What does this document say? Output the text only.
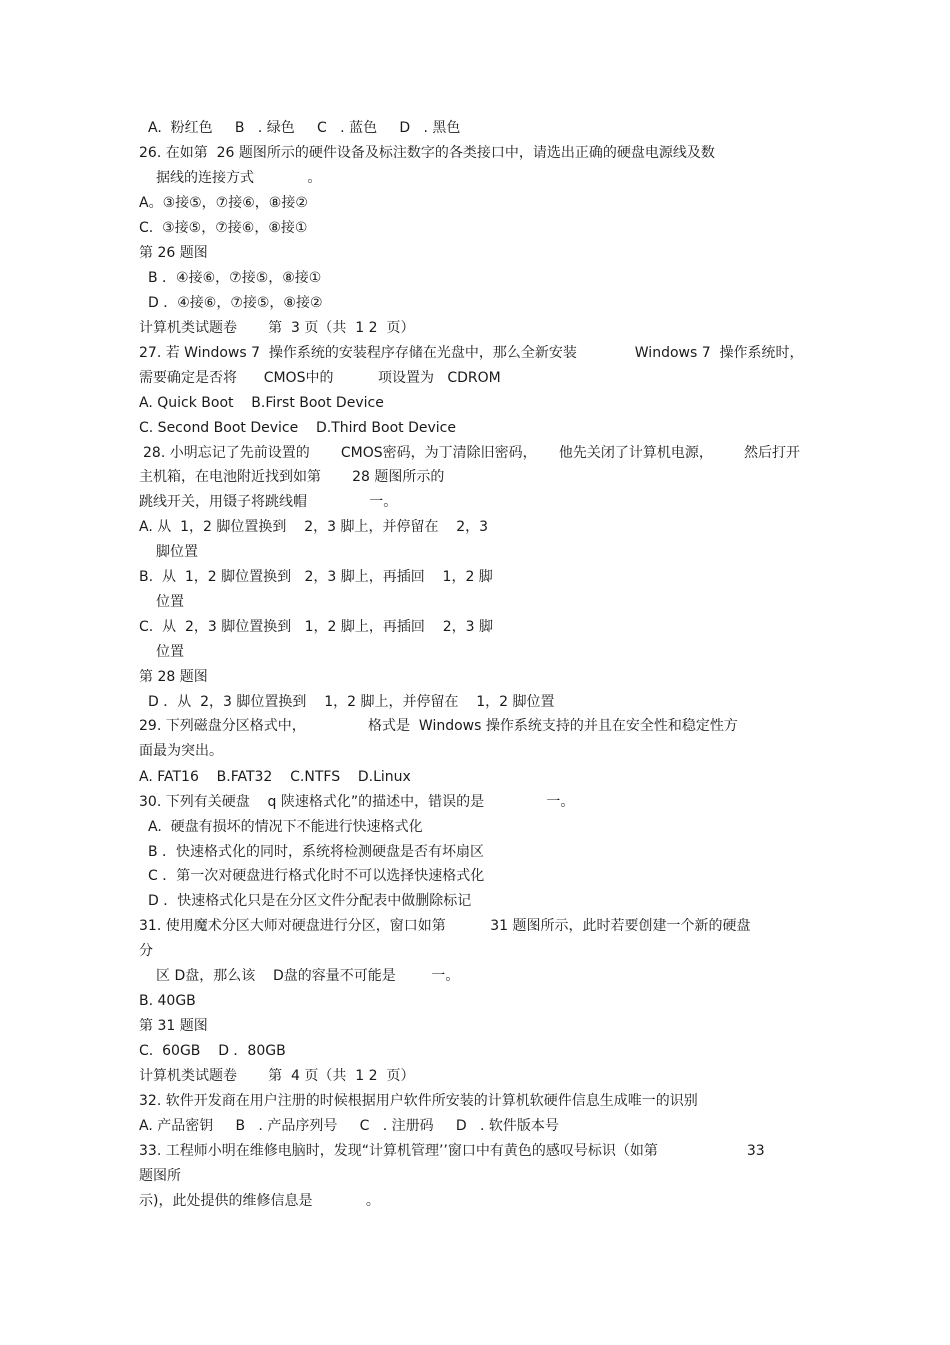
A.  粉红色     B   . 绿色     C   . 蓝色     D   . 黑色
26. 在如第  26 题图所示的硬件设备及标注数字的各类接口中，请选出正确的硬盘电源线及数
据线的连接方式            。
A。③接⑤，⑦接⑥，⑧接②
C.  ③接⑤，⑦接⑥，⑧接①
第 26 题图
B ．④接⑥，⑦接⑤，⑧接①
D ．④接⑥，⑦接⑤，⑧接②
计算机类试题卷       第  3 页（共  1 2  页）
27. 若 Windows 7  操作系统的安装程序存储在光盘中，那么全新安装             Windows 7  操作系统时，
需要确定是否将      CMOS中的          项设置为   CDROM
A. Quick Boot    B.First Boot Device
C. Second Boot Device    D.Third Boot Device
28. 小明忘记了先前设置的       CMOS密码，为丁清除旧密码，     他先关闭了计算机电源，       然后打开
主机箱，在电池附近找到如第       28 题图所示的
跳线开关，用镊子将跳线帽              一。
A. 从  1，2 脚位置换到    2，3 脚上，并停留在    2，3
脚位置
B.  从  1，2 脚位置换到   2，3 脚上，再插回    1，2 脚
位置
C.  从  2，3 脚位置换到   1，2 脚上，再插回    2，3 脚
位置
第 28 题图
D ．从  2，3 脚位置换到    1，2 脚上，并停留在    1，2 脚位置
29. 下列磁盘分区格式中，              格式是  Windows 操作系统支持的并且在安全性和稳定性方
面最为突出。
A. FAT16    B.FAT32    C.NTFS    D.Linux
30. 下列有关硬盘    q 陕速格式化”的描述中，错误的是              一。
A.  硬盘有损坏的情况下不能进行快速格式化
B ．快速格式化的同时，系统将检测硬盘是否有坏扇区
C ．第一次对硬盘进行格式化时不可以选择快速格式化
D ．快速格式化只是在分区文件分配表中做删除标记
31. 使用魔术分区大师对硬盘进行分区，窗口如第          31 题图所示，此时若要创建一个新的硬盘
分
区 D盘，那么该    D盘的容量不可能是        一。
B. 40GB
第 31 题图
C.  60GB    D ．80GB
计算机类试题卷       第  4 页（共  1 2  页）
32. 软件开发商在用户注册的时候根据用户软件所安装的计算机软硬件信息生成唯一的识别
A. 产品密钥     B   . 产品序列号     C   . 注册码     D   . 软件版本号
33. 工程师小明在维修电脑时，发现“计算机管理’’窗口中有黄色的感叹号标识（如第                    33
题图所
示)，此处提供的维修信息是            。
